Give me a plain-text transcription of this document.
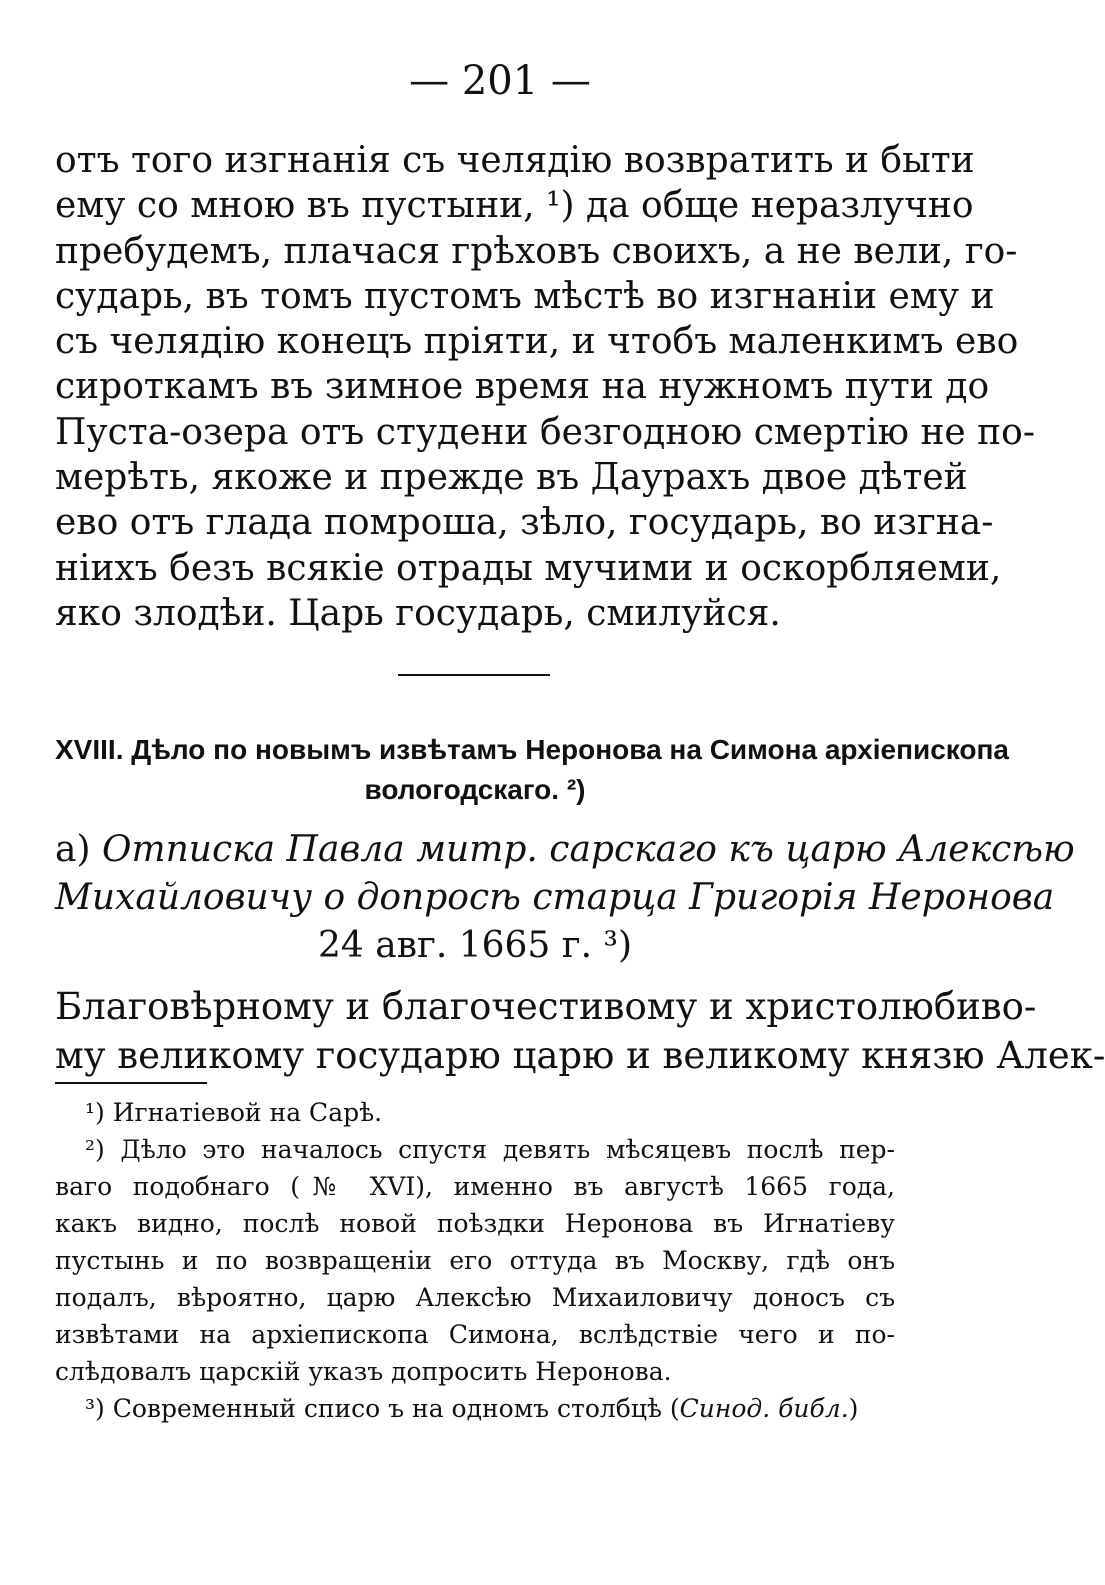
— 201 —
отъ того изгнанія съ челядію возвратить и быти
ему со мною въ пустыни, ¹) да обще неразлучно
пребудемъ, плачася грѣховъ своихъ, а не вели, го-
сударь, въ томъ пустомъ мѣстѣ во изгнаніи ему и
съ челядію конецъ пріяти, и чтобъ маленкимъ ево
сироткамъ въ зимное время на нужномъ пути до
Пуста-озера отъ студени безгодною смертію не по-
мерѣть, якоже и прежде въ Даурахъ двое дѣтей
ево отъ глада помроша, зѣло, государь, во изгна-
ніихъ безъ всякіе отрады мучими и оскорбляеми,
яко злодѣи. Царь государь, смилуйся.
XVIII. Дѣло по новымъ извѣтамъ Неронова на Симона архіепископа
вологодскаго. ²)
а) Отписка Павла митр. сарскаго къ царю Алексѣю
Михайловичу о допросѣ старца Григорія Неронова
24 авг. 1665 г. ³)
Благовѣрному и благочестивому и христолюбиво-
му великому государю царю и великому князю Алек-
¹) Игнатіевой на Сарѣ.
²) Дѣло это началось спустя девять мѣсяцевъ послѣ пер-
ваго подобнаго (№ XVI), именно въ августѣ 1665 года,
какъ видно, послѣ новой поѣздки Неронова въ Игнатіеву
пустынь и по возвращеніи его оттуда въ Москву, гдѣ онъ
подалъ, вѣроятно, царю Алексѣю Михаиловичу доносъ съ
извѣтами на архіепископа Симона, вслѣдствіе чего и по-
слѣдовалъ царскій указъ допросить Неронова.
³) Современный списо ъ на одномъ столбцѣ (Синод. библ.)
